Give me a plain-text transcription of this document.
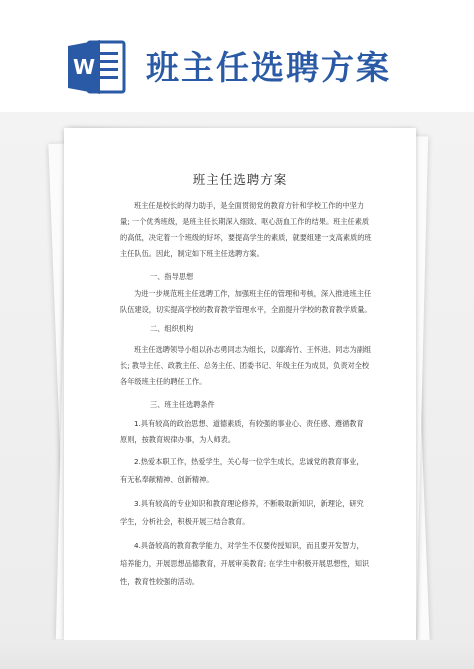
W 班主任选聘方案
班主任选聘方案
班主任是校长的得力助手，是全面贯彻党的教育方针和学校工作的中坚力
量; 一个优秀班级，是班主任长期深入细致、呕心沥血工作的结果。班主任素质
的高低，决定着一个班级的好坏，要提高学生的素质，就要组建一支高素质的班
主任队伍。因此，制定如下班主任选聘方案。
一、指导思想
为进一步规范班主任选聘工作，加强班主任的管理和考核，深入推进班主任
队伍建设，切实提高学校的教育教学管理水平，全面提升学校的教育教学质量。
二、组织机构
班主任选聘领导小组以孙志勇同志为组长，以鄢海竹、王怀进、同志为副组
长; 教导主任、政教主任、总务主任、团委书记、年级主任为成员，负责对全校
各年级班主任的聘任工作。
三、班主任选聘条件
1.具有较高的政治思想、道德素质，有较强的事业心、责任感、遵循教育
原则，按教育规律办事，为人师表。
2.热爱本职工作，热爱学生，关心每一位学生成长，忠诚党的教育事业，
有无私奉献精神、创新精神。
3.具有较高的专业知识和教育理论修养，不断吸取新知识，新理论，研究
学生，分析社会，积极开展三结合教育。
4.具备较高的教育教学能力，对学生不仅要传授知识，而且要开发智力，
培养能力，开展思想品德教育，开展审美教育; 在学生中积极开展思想性，知识
性，教育性较强的活动。
